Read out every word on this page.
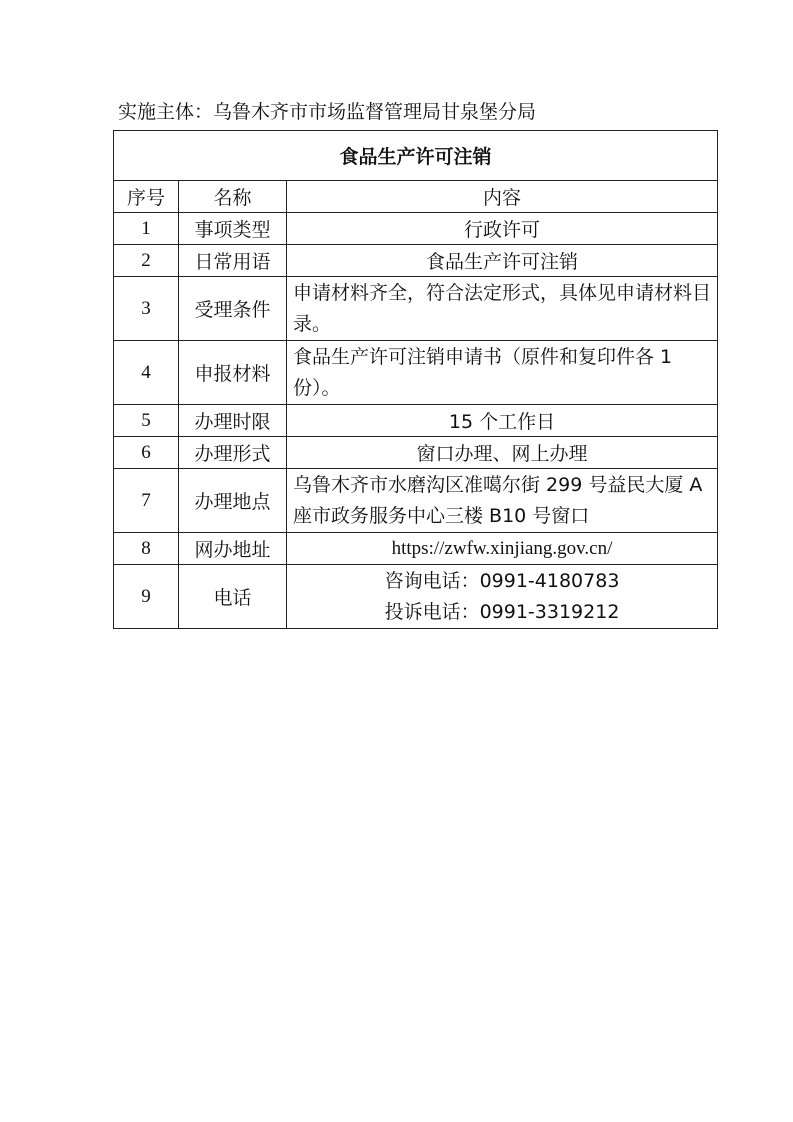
实施主体：乌鲁木齐市市场监督管理局甘泉堡分局
食品生产许可注销		
序号	名称	内容
1	事项类型	行政许可
2	日常用语	食品生产许可注销
3	受理条件	申请材料齐全，符合法定形式，具体见申请材料目录。
4	申报材料	食品生产许可注销申请书（原件和复印件各 1 份）。
5	办理时限	15 个工作日
6	办理形式	窗口办理、网上办理
7	办理地点	乌鲁木齐市水磨沟区准噶尔街 299 号益民大厦 A 座市政务服务中心三楼 B10 号窗口
8	网办地址	https://zwfw.xinjiang.gov.cn/
9	电话	咨询电话：0991-4180783
投诉电话：0991-3319212
